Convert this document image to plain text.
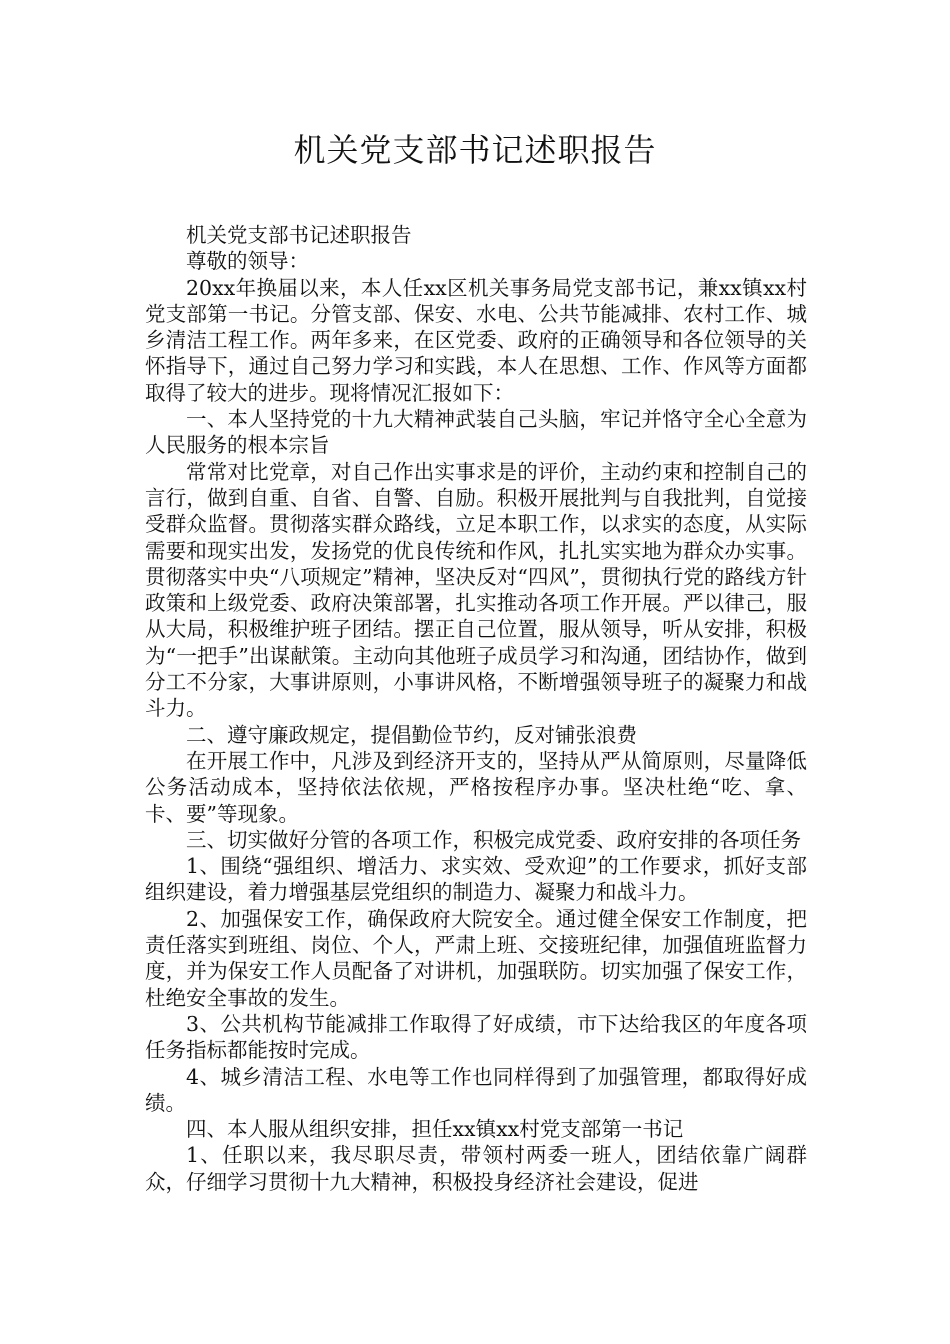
机关党支部书记述职报告

机关党支部书记述职报告

尊敬的领导：

20xx年换届以来，本人任xx区机关事务局党支部书记，兼xx镇xx村党支部第一书记。分管支部、保安、水电、公共节能减排、农村工作、城乡清洁工程工作。两年多来，在区党委、政府的正确领导和各位领导的关怀指导下，通过自己努力学习和实践，本人在思想、工作、作风等方面都取得了较大的进步。现将情况汇报如下：

一、本人坚持党的十九大精神武装自己头脑，牢记并恪守全心全意为人民服务的根本宗旨

常常对比党章，对自己作出实事求是的评价，主动约束和控制自己的言行，做到自重、自省、自警、自励。积极开展批判与自我批判，自觉接受群众监督。贯彻落实群众路线，立足本职工作，以求实的态度，从实际需要和现实出发，发扬党的优良传统和作风，扎扎实实地为群众办实事。贯彻落实中央“八项规定”精神，坚决反对“四风”，贯彻执行党的路线方针政策和上级党委、政府决策部署，扎实推动各项工作开展。严以律己，服从大局，积极维护班子团结。摆正自己位置，服从领导，听从安排，积极为“一把手”出谋献策。主动向其他班子成员学习和沟通，团结协作，做到分工不分家，大事讲原则，小事讲风格，不断增强领导班子的凝聚力和战斗力。

二、遵守廉政规定，提倡勤俭节约，反对铺张浪费

在开展工作中，凡涉及到经济开支的，坚持从严从简原则，尽量降低公务活动成本，坚持依法依规，严格按程序办事。坚决杜绝“吃、拿、卡、要”等现象。

三、切实做好分管的各项工作，积极完成党委、政府安排的各项任务

1、围绕“强组织、增活力、求实效、受欢迎”的工作要求，抓好支部组织建设，着力增强基层党组织的制造力、凝聚力和战斗力。

2、加强保安工作，确保政府大院安全。通过健全保安工作制度，把责任落实到班组、岗位、个人，严肃上班、交接班纪律，加强值班监督力度，并为保安工作人员配备了对讲机，加强联防。切实加强了保安工作，杜绝安全事故的发生。

3、公共机构节能减排工作取得了好成绩，市下达给我区的年度各项任务指标都能按时完成。

4、城乡清洁工程、水电等工作也同样得到了加强管理，都取得好成绩。

四、本人服从组织安排，担任xx镇xx村党支部第一书记

1、任职以来，我尽职尽责，带领村两委一班人，团结依靠广阔群众，仔细学习贯彻十九大精神，积极投身经济社会建设，促进
